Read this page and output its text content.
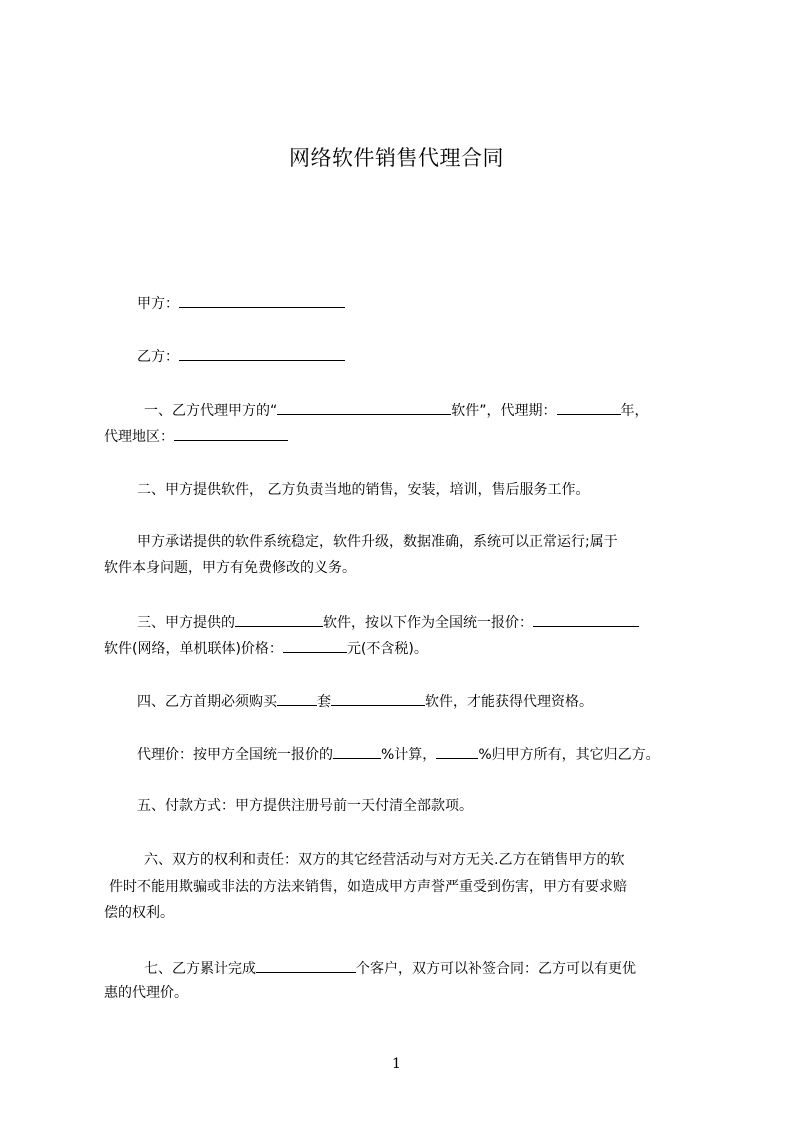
网络软件销售代理合同
甲方：
乙方：
一、乙方代理甲方的“	软件”，代理期：	年，
代理地区：
二、甲方提供软件， 乙方负责当地的销售，安装，培训，售后服务工作。
甲方承诺提供的软件系统稳定，软件升级，数据准确，系统可以正常运行;属于
软件本身问题，甲方有免费修改的义务。
三、甲方提供的	软件，按以下作为全国统一报价：
软件(网络，单机联体)价格：	元(不含税)。
四、乙方首期必须购买	套	软件，才能获得代理资格。
代理价：按甲方全国统一报价的	%计算，	%归甲方所有，其它归乙方。
五、付款方式：甲方提供注册号前一天付清全部款项。
六、双方的权利和责任：双方的其它经营活动与对方无关.乙方在销售甲方的软
件时不能用欺骗或非法的方法来销售，如造成甲方声誉严重受到伤害，甲方有要求赔
偿的权利。
七、乙方累计完成	个客户，双方可以补签合同：乙方可以有更优
惠的代理价。
1
